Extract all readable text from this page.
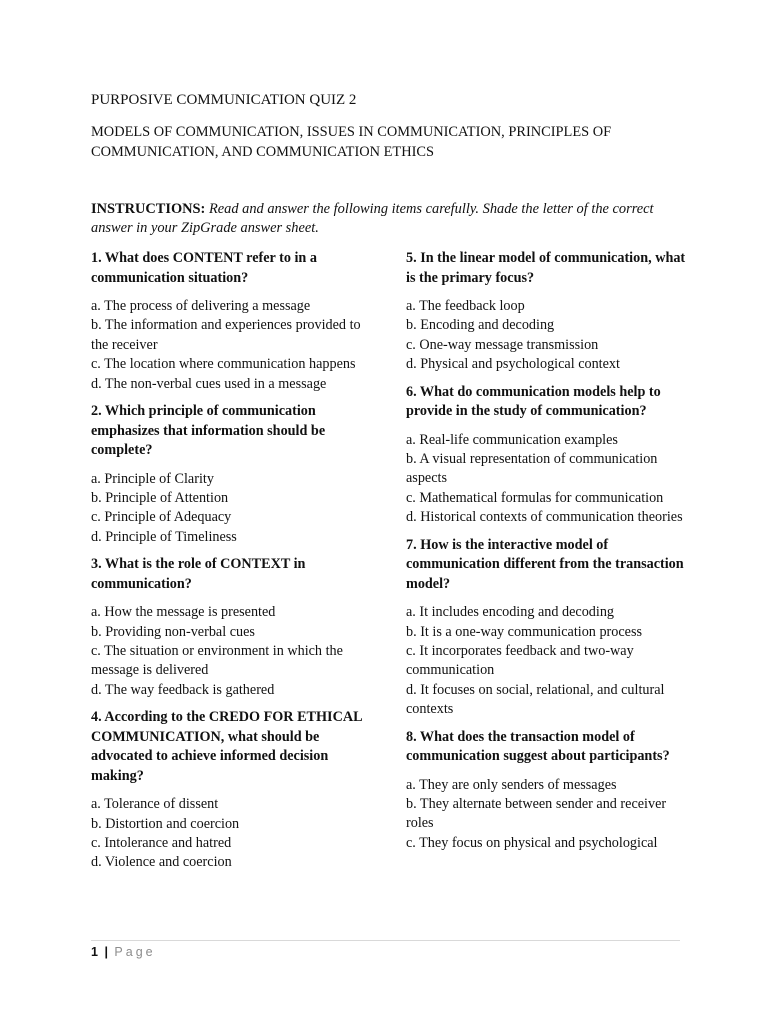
PURPOSIVE COMMUNICATION QUIZ 2
MODELS OF COMMUNICATION, ISSUES IN COMMUNICATION, PRINCIPLES OF COMMUNICATION, AND COMMUNICATION ETHICS
INSTRUCTIONS: Read and answer the following items carefully. Shade the letter of the correct answer in your ZipGrade answer sheet.
1. What does CONTENT refer to in a communication situation?
a. The process of delivering a message
b. The information and experiences provided to the receiver
c. The location where communication happens
d. The non-verbal cues used in a message
2. Which principle of communication emphasizes that information should be complete?
a. Principle of Clarity
b. Principle of Attention
c. Principle of Adequacy
d. Principle of Timeliness
3. What is the role of CONTEXT in communication?
a. How the message is presented
b. Providing non-verbal cues
c. The situation or environment in which the message is delivered
d. The way feedback is gathered
4. According to the CREDO FOR ETHICAL COMMUNICATION, what should be advocated to achieve informed decision making?
a. Tolerance of dissent
b. Distortion and coercion
c. Intolerance and hatred
d. Violence and coercion
5. In the linear model of communication, what is the primary focus?
a. The feedback loop
b. Encoding and decoding
c. One-way message transmission
d. Physical and psychological context
6. What do communication models help to provide in the study of communication?
a. Real-life communication examples
b. A visual representation of communication aspects
c. Mathematical formulas for communication
d. Historical contexts of communication theories
7. How is the interactive model of communication different from the transaction model?
a. It includes encoding and decoding
b. It is a one-way communication process
c. It incorporates feedback and two-way communication
d. It focuses on social, relational, and cultural contexts
8. What does the transaction model of communication suggest about participants?
a. They are only senders of messages
b. They alternate between sender and receiver roles
c. They focus on physical and psychological
1 | Page
